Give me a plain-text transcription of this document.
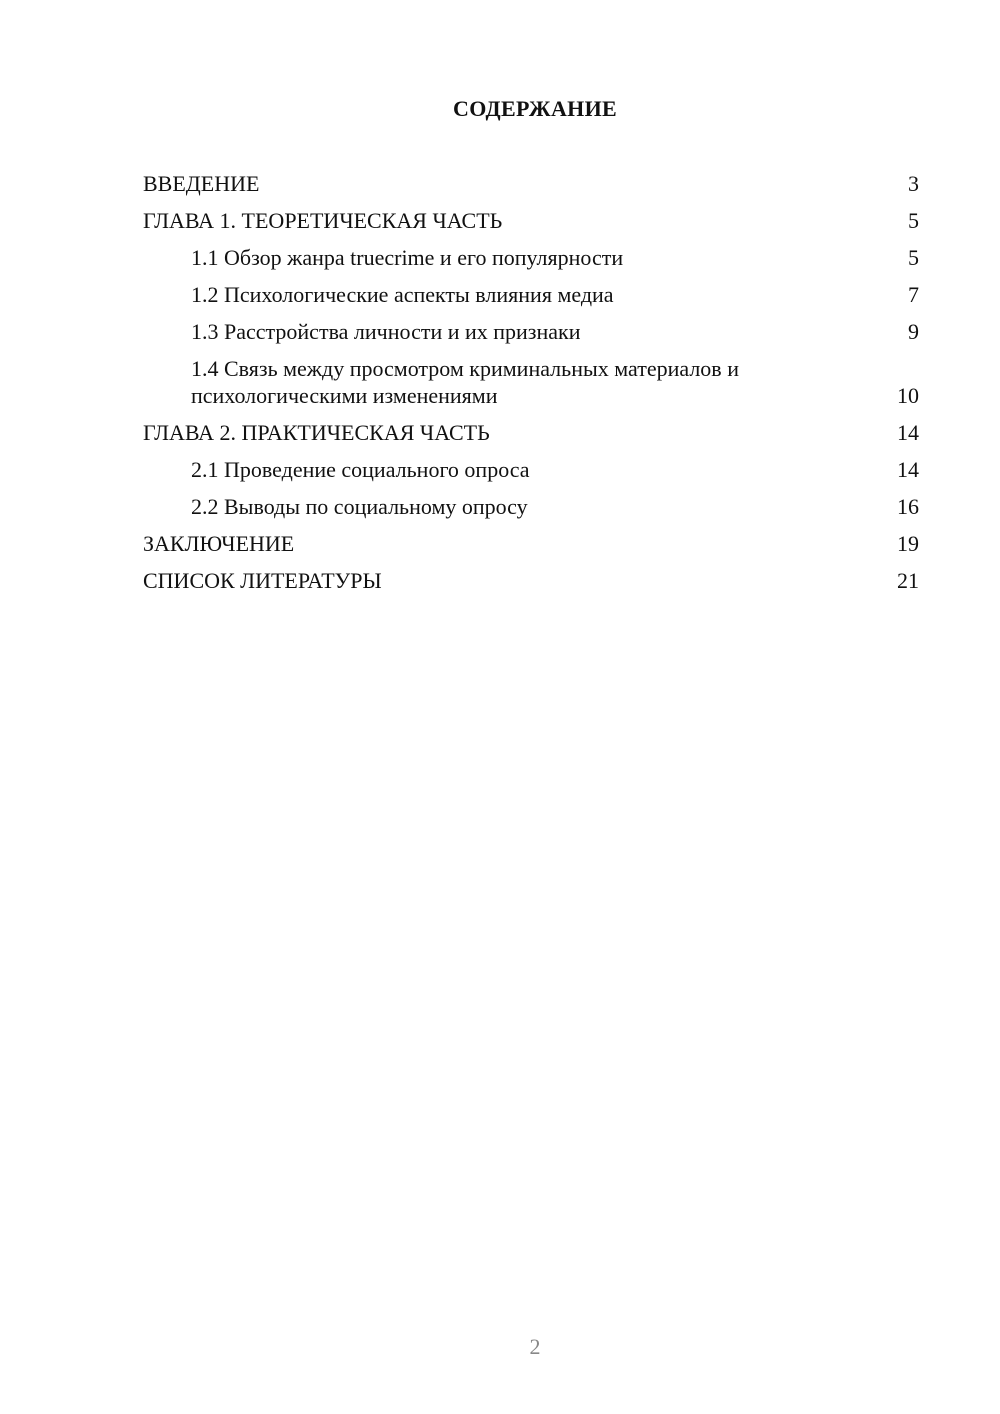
СОДЕРЖАНИЕ
ВВЕДЕНИЕ	3
ГЛАВА 1. ТЕОРЕТИЧЕСКАЯ ЧАСТЬ	5
1.1 Обзор жанра truecrime и его популярности	5
1.2 Психологические аспекты влияния медиа	7
1.3 Расстройства личности и их признаки	9
1.4 Связь между просмотром криминальных материалов и психологическими изменениями	10
ГЛАВА 2. ПРАКТИЧЕСКАЯ ЧАСТЬ	14
2.1 Проведение социального опроса	14
2.2 Выводы по социальному опросу	16
ЗАКЛЮЧЕНИЕ	19
СПИСОК ЛИТЕРАТУРЫ	21
2
